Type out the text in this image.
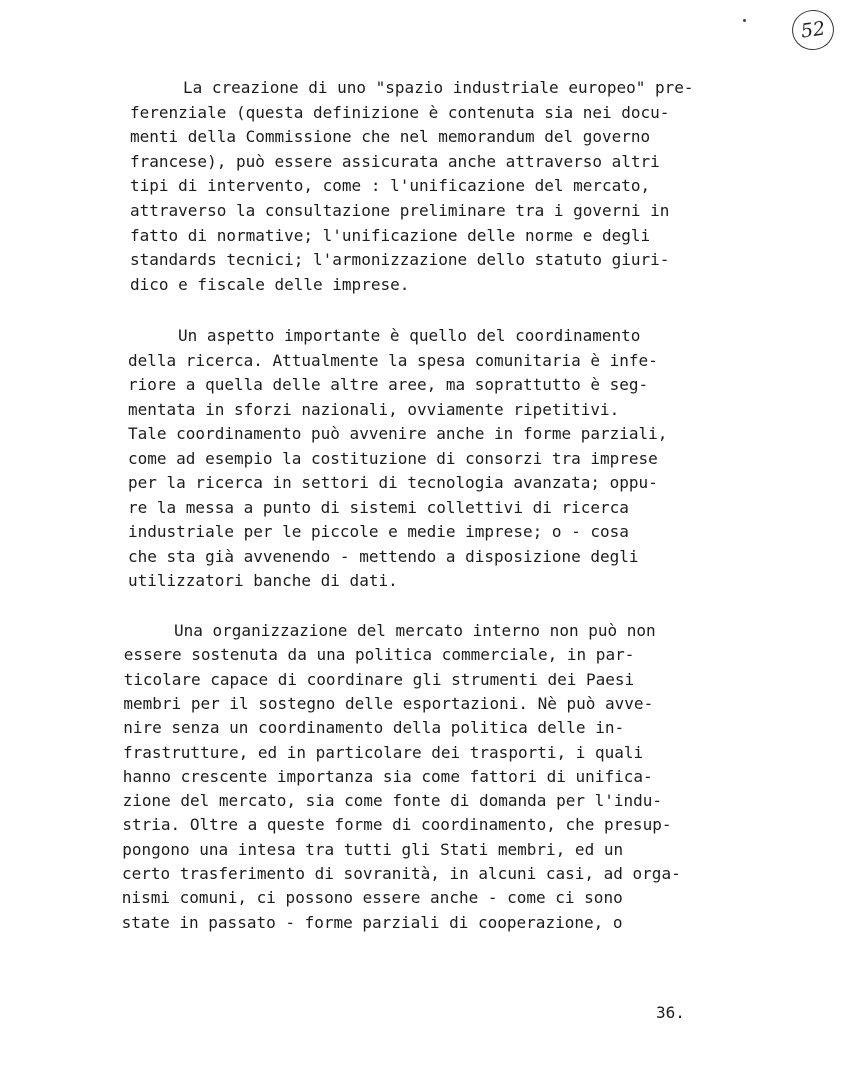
52
La creazione di uno "spazio industriale europeo" pre-
ferenziale (questa definizione è contenuta sia nei docu-
menti della Commissione che nel memorandum del governo
francese), può essere assicurata anche attraverso altri
tipi di intervento, come : l'unificazione del mercato,
attraverso la consultazione preliminare tra i governi in
fatto di normative; l'unificazione delle norme e degli
standards tecnici; l'armonizzazione dello statuto giuri-
dico e fiscale delle imprese.
Un aspetto importante è quello del coordinamento
della ricerca. Attualmente la spesa comunitaria è infe-
riore a quella delle altre aree, ma soprattutto è seg-
mentata in sforzi nazionali, ovviamente ripetitivi.
Tale coordinamento può avvenire anche in forme parziali,
come ad esempio la costituzione di consorzi tra imprese
per la ricerca in settori di tecnologia avanzata; oppu-
re la messa a punto di sistemi collettivi di ricerca
industriale per le piccole e medie imprese; o - cosa
che sta già avvenendo - mettendo a disposizione degli
utilizzatori banche di dati.
Una organizzazione del mercato interno non può non
essere sostenuta da una politica commerciale, in par-
ticolare capace di coordinare gli strumenti dei Paesi
membri per il sostegno delle esportazioni. Nè può avve-
nire senza un coordinamento della politica delle in-
frastrutture, ed in particolare dei trasporti, i quali
hanno crescente importanza sia come fattori di unifica-
zione del mercato, sia come fonte di domanda per l'indu-
stria. Oltre a queste forme di coordinamento, che presup-
pongono una intesa tra tutti gli Stati membri, ed un
certo trasferimento di sovranità, in alcuni casi, ad orga-
nismi comuni, ci possono essere anche - come ci sono
state in passato - forme parziali di cooperazione, o
36.
